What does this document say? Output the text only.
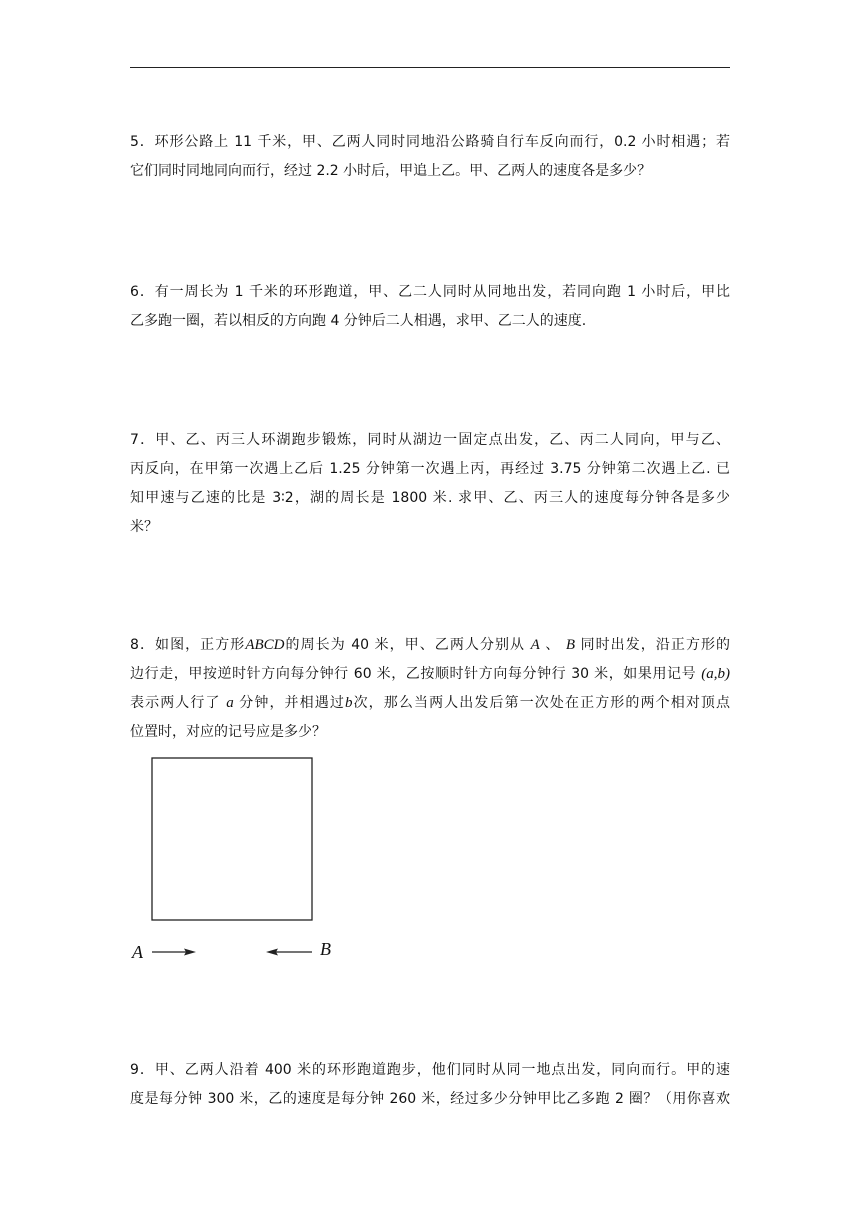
5．环形公路上 11 千米，甲、乙两人同时同地沿公路骑自行车反向而行，0.2 小时相遇；若
它们同时同地同向而行，经过 2.2 小时后，甲追上乙。甲、乙两人的速度各是多少？
6．有一周长为 1 千米的环形跑道，甲、乙二人同时从同地出发，若同向跑 1 小时后，甲比
乙多跑一圈，若以相反的方向跑 4 分钟后二人相遇，求甲、乙二人的速度.
7．甲、乙、丙三人环湖跑步锻炼，同时从湖边一固定点出发，乙、丙二人同向，甲与乙、
丙反向，在甲第一次遇上乙后 1.25 分钟第一次遇上丙，再经过 3.75 分钟第二次遇上乙. 已
知甲速与乙速的比是 3∶2，湖的周长是 1800 米. 求甲、乙、丙三人的速度每分钟各是多少
米？
8．如图，正方形ABCD的周长为 40 米，甲、乙两人分别从 A 、 B 同时出发，沿正方形的
边行走，甲按逆时针方向每分钟行 60 米，乙按顺时针方向每分钟行 30 米，如果用记号 (a,b)
表示两人行了 a 分钟，并相遇过b次，那么当两人出发后第一次处在正方形的两个相对顶点
位置时，对应的记号应是多少？
A	B
9．甲、乙两人沿着 400 米的环形跑道跑步，他们同时从同一地点出发，同向而行。甲的速
度是每分钟 300 米，乙的速度是每分钟 260 米，经过多少分钟甲比乙多跑 2 圈？（用你喜欢
